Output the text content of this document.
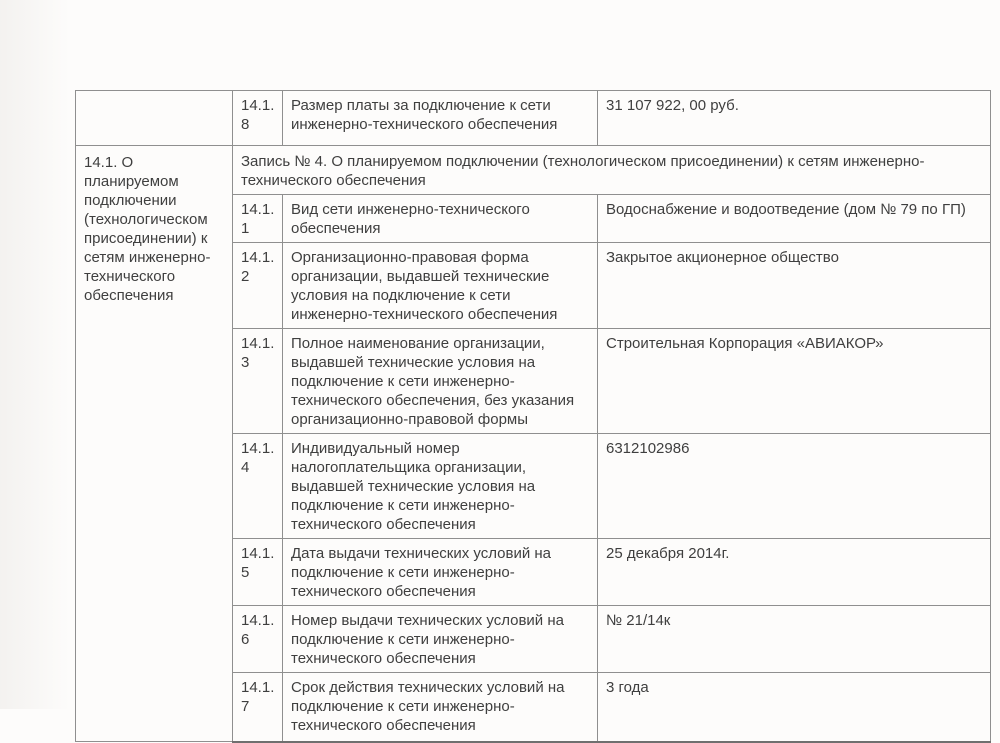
	14.1.8	Размер платы за подключение к сети инженерно-технического обеспечения	31 107 922, 00 руб.
14.1. О планируемом подключении (технологическом присоединении) к сетям инженерно-технического обеспечения	Запись № 4. О планируемом подключении (технологическом присоединении) к сетям инженерно-технического обеспечения		
	14.1.1	Вид сети инженерно-технического обеспечения	Водоснабжение и водоотведение (дом № 79 по ГП)
	14.1.2	Организационно-правовая форма организации, выдавшей технические условия на подключение к сети инженерно-технического обеспечения	Закрытое акционерное общество
	14.1.3	Полное наименование организации, выдавшей технические условия на подключение к сети инженерно-технического обеспечения, без указания организационно-правовой формы	Строительная Корпорация «АВИАКОР»
	14.1.4	Индивидуальный номер налогоплательщика организации, выдавшей технические условия на подключение к сети инженерно-технического обеспечения	6312102986
	14.1.5	Дата выдачи технических условий на подключение к сети инженерно-технического обеспечения	25 декабря 2014г.
	14.1.6	Номер выдачи технических условий на подключение к сети инженерно-технического обеспечения	№ 21/14к
	14.1.7	Срок действия технических условий на подключение к сети инженерно-технического обеспечения	3 года
